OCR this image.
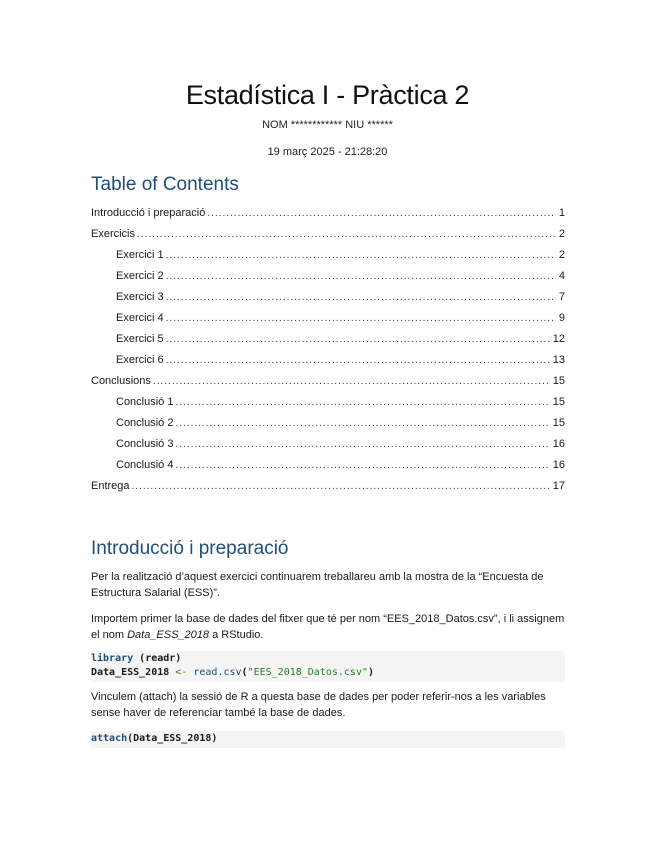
Estadística I - Pràctica 2
NOM ************ NIU ******
19 març 2025 - 21:28:20
Table of Contents
Introducció i preparació .....	1
Exercicis .....	2
Exercici 1 .....	2
Exercici 2 .....	4
Exercici 3 .....	7
Exercici 4 .....	9
Exercici 5 .....	12
Exercici 6 .....	13
Conclusions .....	15
Conclusió 1 .....	15
Conclusió 2 .....	15
Conclusió 3 .....	16
Conclusió 4 .....	16
Entrega .....	17
Introducció i preparació
Per la realització d’aquest exercici continuarem treballareu amb la mostra de la “Encuesta de Estructura Salarial (ESS)”.
Importem primer la base de dades del fitxer que té per nom “EES_2018_Datos.csv”, i li assignem el nom Data_ESS_2018 a RStudio.
library (readr)
Data_ESS_2018 <- read.csv("EES_2018_Datos.csv")
Vinculem (attach) la sessió de R a questa base de dades per poder referir-nos a les variables sense haver de referenciar també la base de dades.
attach(Data_ESS_2018)
